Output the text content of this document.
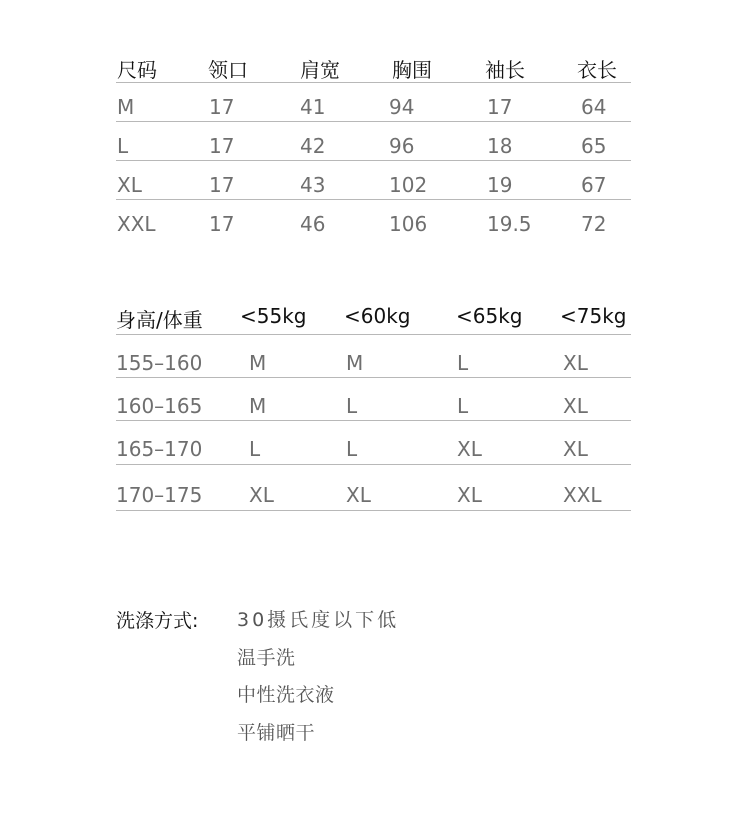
尺码	领口	肩宽	胸围	袖长	衣长
M	17	41	94	17	64
L	17	42	96	18	65
XL	17	43	102	19	67
XXL	17	46	106	19.5 72
身高/体重 <55kg <60kg <65kg <75kg
155–160 M	M	L	XL
160–165 M	L	L	XL
165–170 L	L	XL	XL
170–175 XL	XL	XL	XXL
洗涤方式: 30摄氏度以下低
温手洗
中性洗衣液
平铺晒干
